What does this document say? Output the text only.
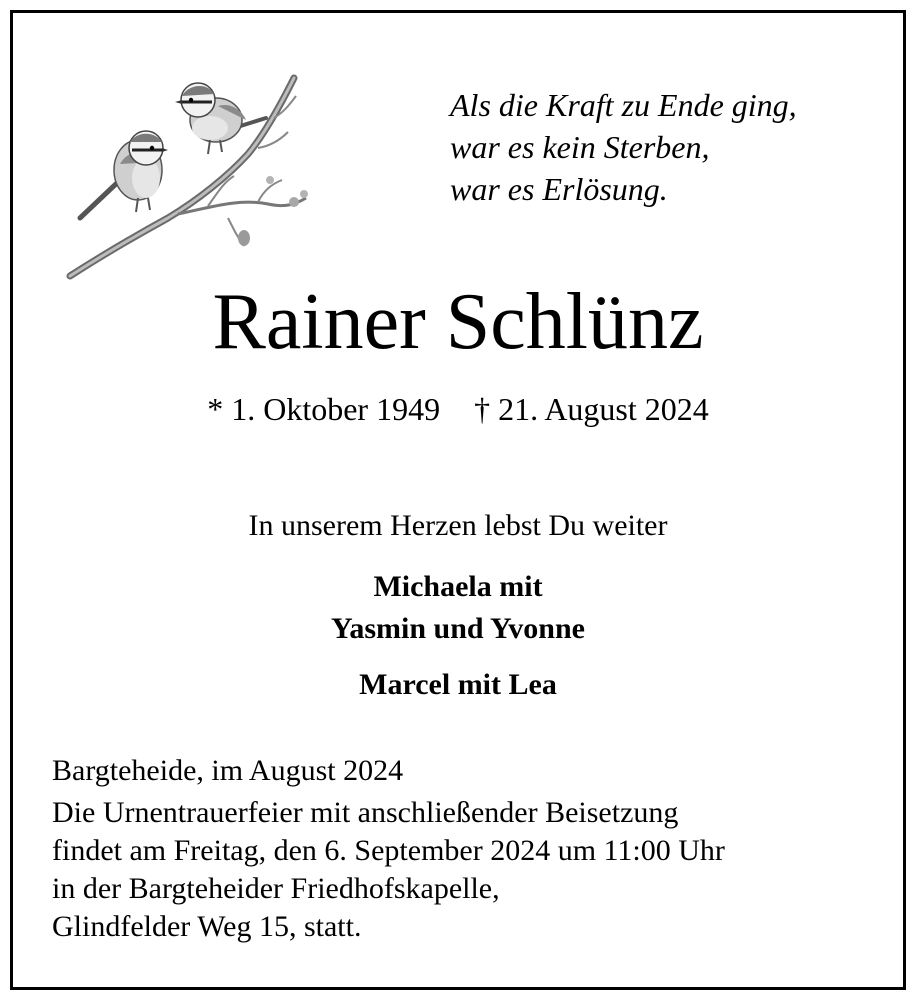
Als die Kraft zu Ende ging,
war es kein Sterben,
war es Erlösung.
Rainer Schlünz
* 1. Oktober 1949 † 21. August 2024
In unserem Herzen lebst Du weiter
Michaela mit
Yasmin und Yvonne
Marcel mit Lea
Bargteheide, im August 2024
Die Urnentrauerfeier mit anschließender Beisetzung
findet am Freitag, den 6. September 2024 um 11:00 Uhr
in der Bargteheider Friedhofskapelle,
Glindfelder Weg 15, statt.
